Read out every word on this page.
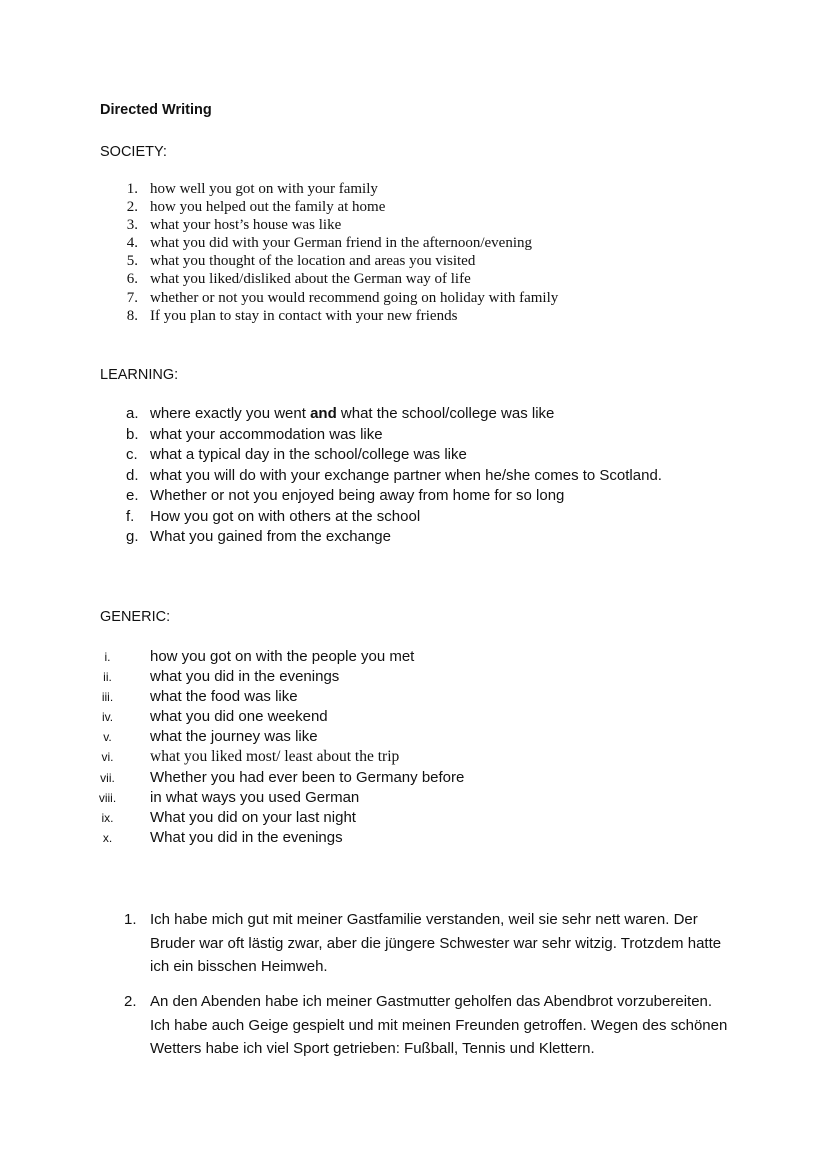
Directed Writing
SOCIETY:
1. how well you got on with your family
2. how you helped out the family at home
3. what your host’s house was like
4. what you did with your German friend in the afternoon/evening
5. what you thought of the location and areas you visited
6. what you liked/disliked about the German way of life
7. whether or not you would recommend going on holiday with family
8. If you plan to stay in contact with your new friends
LEARNING:
a. where exactly you went and what the school/college was like
b. what your accommodation was like
c. what a typical day in the school/college was like
d. what you will do with your exchange partner when he/she comes to Scotland.
e. Whether or not you enjoyed being away from home for so long
f.	How you got on with others at the school
g. What you gained from the exchange
GENERIC:
i.	how you got on with the people you met
ii.	what you did in the evenings
iii.	what the food was like
iv.	what you did one weekend
v.	what the journey was like
vi.	what you liked most/ least about the trip
vii.	Whether you had ever been to Germany before
viii.	in what ways you used German
ix.	What you did on your last night
x.	What you did in the evenings
1. Ich habe mich gut mit meiner Gastfamilie verstanden, weil sie sehr nett waren. Der Bruder war oft lästig zwar, aber die jüngere Schwester war sehr witzig. Trotzdem hatte ich ein bisschen Heimweh.
2. An den Abenden habe ich meiner Gastmutter geholfen das Abendbrot vorzubereiten. Ich habe auch Geige gespielt und mit meinen Freunden getroffen. Wegen des schönen Wetters habe ich viel Sport getrieben: Fußball, Tennis und Klettern.
